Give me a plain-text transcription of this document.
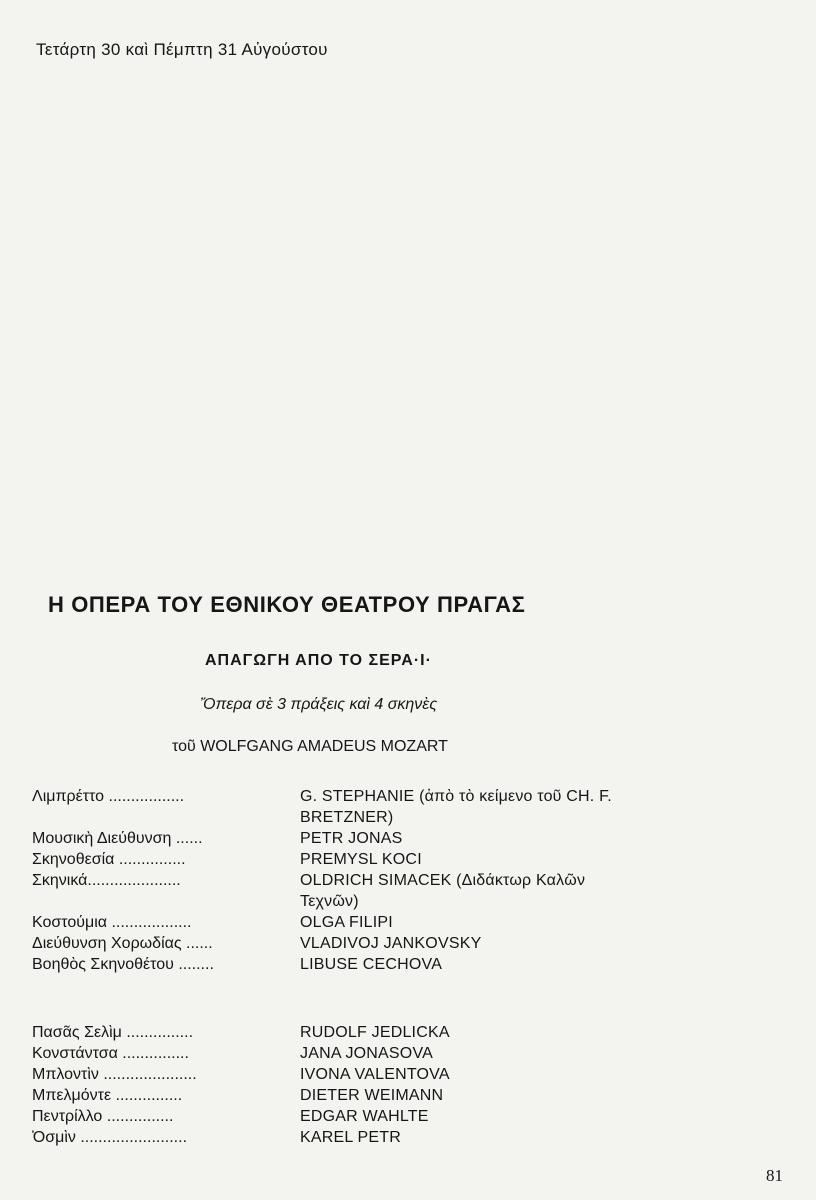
Τετάρτη 30 καὶ Πέμπτη 31 Αὐγούστου
Η ΟΠΕΡΑ ΤΟΥ ΕΘΝΙΚΟΥ ΘΕΑΤΡΟΥ ΠΡΑΓΑΣ
ΑΠΑΓΩΓΗ ΑΠΟ ΤΟ ΣΕΡΑ·Ι·
Ὄπερα σὲ 3 πράξεις καὶ 4 σκηνὲς
τοῦ WOLFGANG AMADEUS MOZART
Λιμπρέττο .................	G. STEPHANIE (ἀπὸ τὸ κείμενο τοῦ CH. F. BRETZNER)
Μουσικὴ Διεύθυνση ......	PETR JONAS
Σκηνοθεσία ...............	PREMYSL KOCI
Σκηνικά.....................	OLDRICH SIMACEK (Διδάκτωρ Καλῶν Τεχνῶν)
Κοστούμια ..................	OLGA FILIPI
Διεύθυνση Χορωδίας ......	VLADIVOJ JANKOVSKY
Βοηθὸς Σκηνοθέτου ........	LIBUSE CECHOVA
Πασᾶς Σελὶμ ...............	RUDOLF JEDLICKA
Κονστάντσα ...............	JANA JONASOVA
Μπλοντὶν .....................	IVONA VALENTOVA
Μπελμόντε ...............	DIETER WEIMANN
Πεντρίλλο ...............	EDGAR WAHLTE
Ὀσμὶν ........................	KAREL PETR
81
